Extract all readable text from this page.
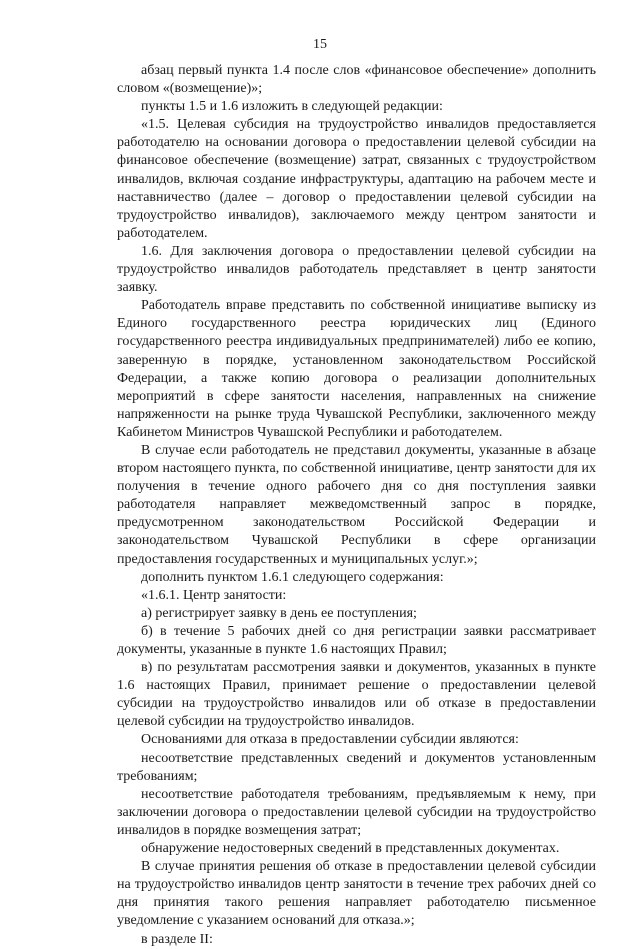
15

абзац первый пункта 1.4 после слов «финансовое обеспечение» дополнить словом «(возмещение)»;

пункты 1.5 и 1.6 изложить в следующей редакции:

«1.5. Целевая субсидия на трудоустройство инвалидов предоставляется работодателю на основании договора о предоставлении целевой субсидии на финансовое обеспечение (возмещение) затрат, связанных с трудоустройством инвалидов, включая создание инфраструктуры, адаптацию на рабочем месте и наставничество (далее – договор о предоставлении целевой субсидии на трудоустройство инвалидов), заключаемого между центром занятости и работодателем.

1.6. Для заключения договора о предоставлении целевой субсидии на трудоустройство инвалидов работодатель представляет в центр занятости заявку.

Работодатель вправе представить по собственной инициативе выписку из Единого государственного реестра юридических лиц (Единого государственного реестра индивидуальных предпринимателей) либо ее копию, заверенную в порядке, установленном законодательством Российской Федерации, а также копию договора о реализации дополнительных мероприятий в сфере занятости населения, направленных на снижение напряженности на рынке труда Чувашской Республики, заключенного между Кабинетом Министров Чувашской Республики и работодателем.

В случае если работодатель не представил документы, указанные в абзаце втором настоящего пункта, по собственной инициативе, центр занятости для их получения в течение одного рабочего дня со дня поступления заявки работодателя направляет межведомственный запрос в порядке, предусмотренном законодательством Российской Федерации и законодательством Чувашской Республики в сфере организации предоставления государственных и муниципальных услуг.»;

дополнить пунктом 1.6.1 следующего содержания:

«1.6.1. Центр занятости:

а) регистрирует заявку в день ее поступления;

б) в течение 5 рабочих дней со дня регистрации заявки рассматривает документы, указанные в пункте 1.6 настоящих Правил;

в) по результатам рассмотрения заявки и документов, указанных в пункте 1.6 настоящих Правил, принимает решение о предоставлении целевой субсидии на трудоустройство инвалидов или об отказе в предоставлении целевой субсидии на трудоустройство инвалидов.

Основаниями для отказа в предоставлении субсидии являются:

несоответствие представленных сведений и документов установленным требованиям;

несоответствие работодателя требованиям, предъявляемым к нему, при заключении договора о предоставлении целевой субсидии на трудоустройство инвалидов в порядке возмещения затрат;

обнаружение недостоверных сведений в представленных документах.

В случае принятия решения об отказе в предоставлении целевой субсидии на трудоустройство инвалидов центр занятости в течение трех рабочих дней со дня принятия такого решения направляет работодателю письменное уведомление с указанием оснований для отказа.»;

в разделе II:
